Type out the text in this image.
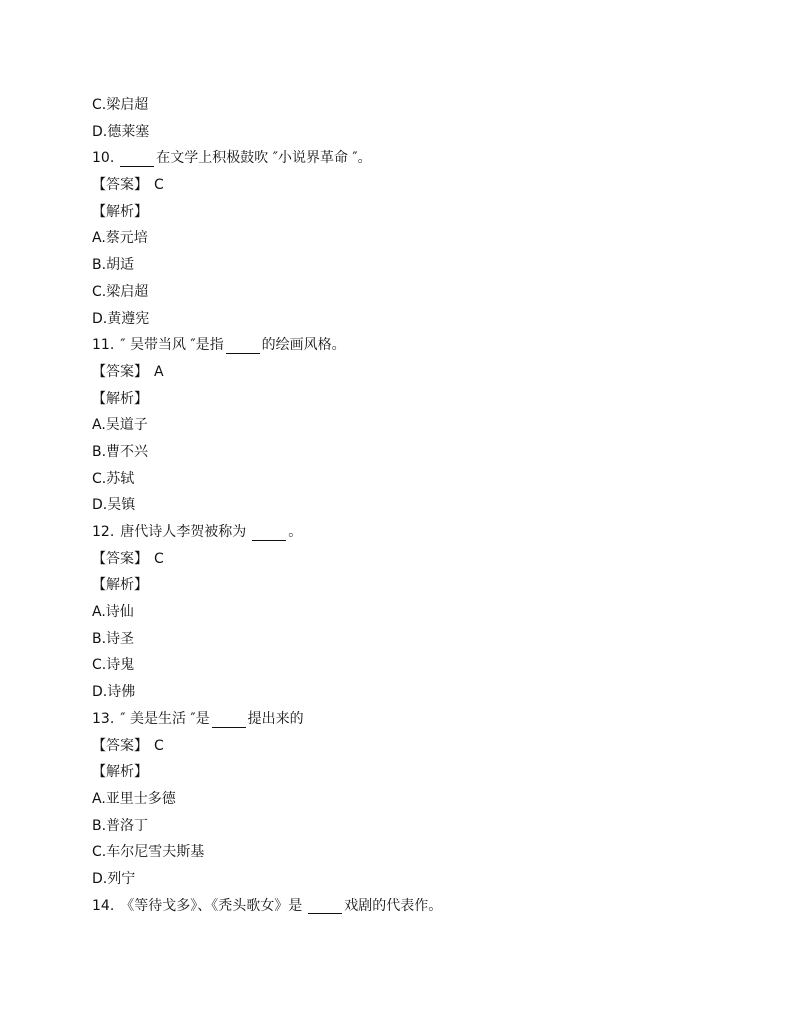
C.梁启超
D.德莱塞
10.	在文学上积极鼓吹 ″小说界革命 ″。
【答案】 C
【解析】
A.蔡元培
B.胡适
C.梁启超
D.黄遵宪
11. ″ 吴带当风 ″是指	的绘画风格。
【答案】 A
【解析】
A.吴道子
B.曹不兴
C.苏轼
D.吴镇
12. 唐代诗人李贺被称为	。
【答案】 C
【解析】
A.诗仙
B.诗圣
C.诗鬼
D.诗佛
13. ″ 美是生活 ″是	提出来的
【答案】 C
【解析】
A.亚里士多德
B.普洛丁
C.车尔尼雪夫斯基
D.列宁
14. 《等待戈多》、《秃头歌女》是	戏剧的代表作。
